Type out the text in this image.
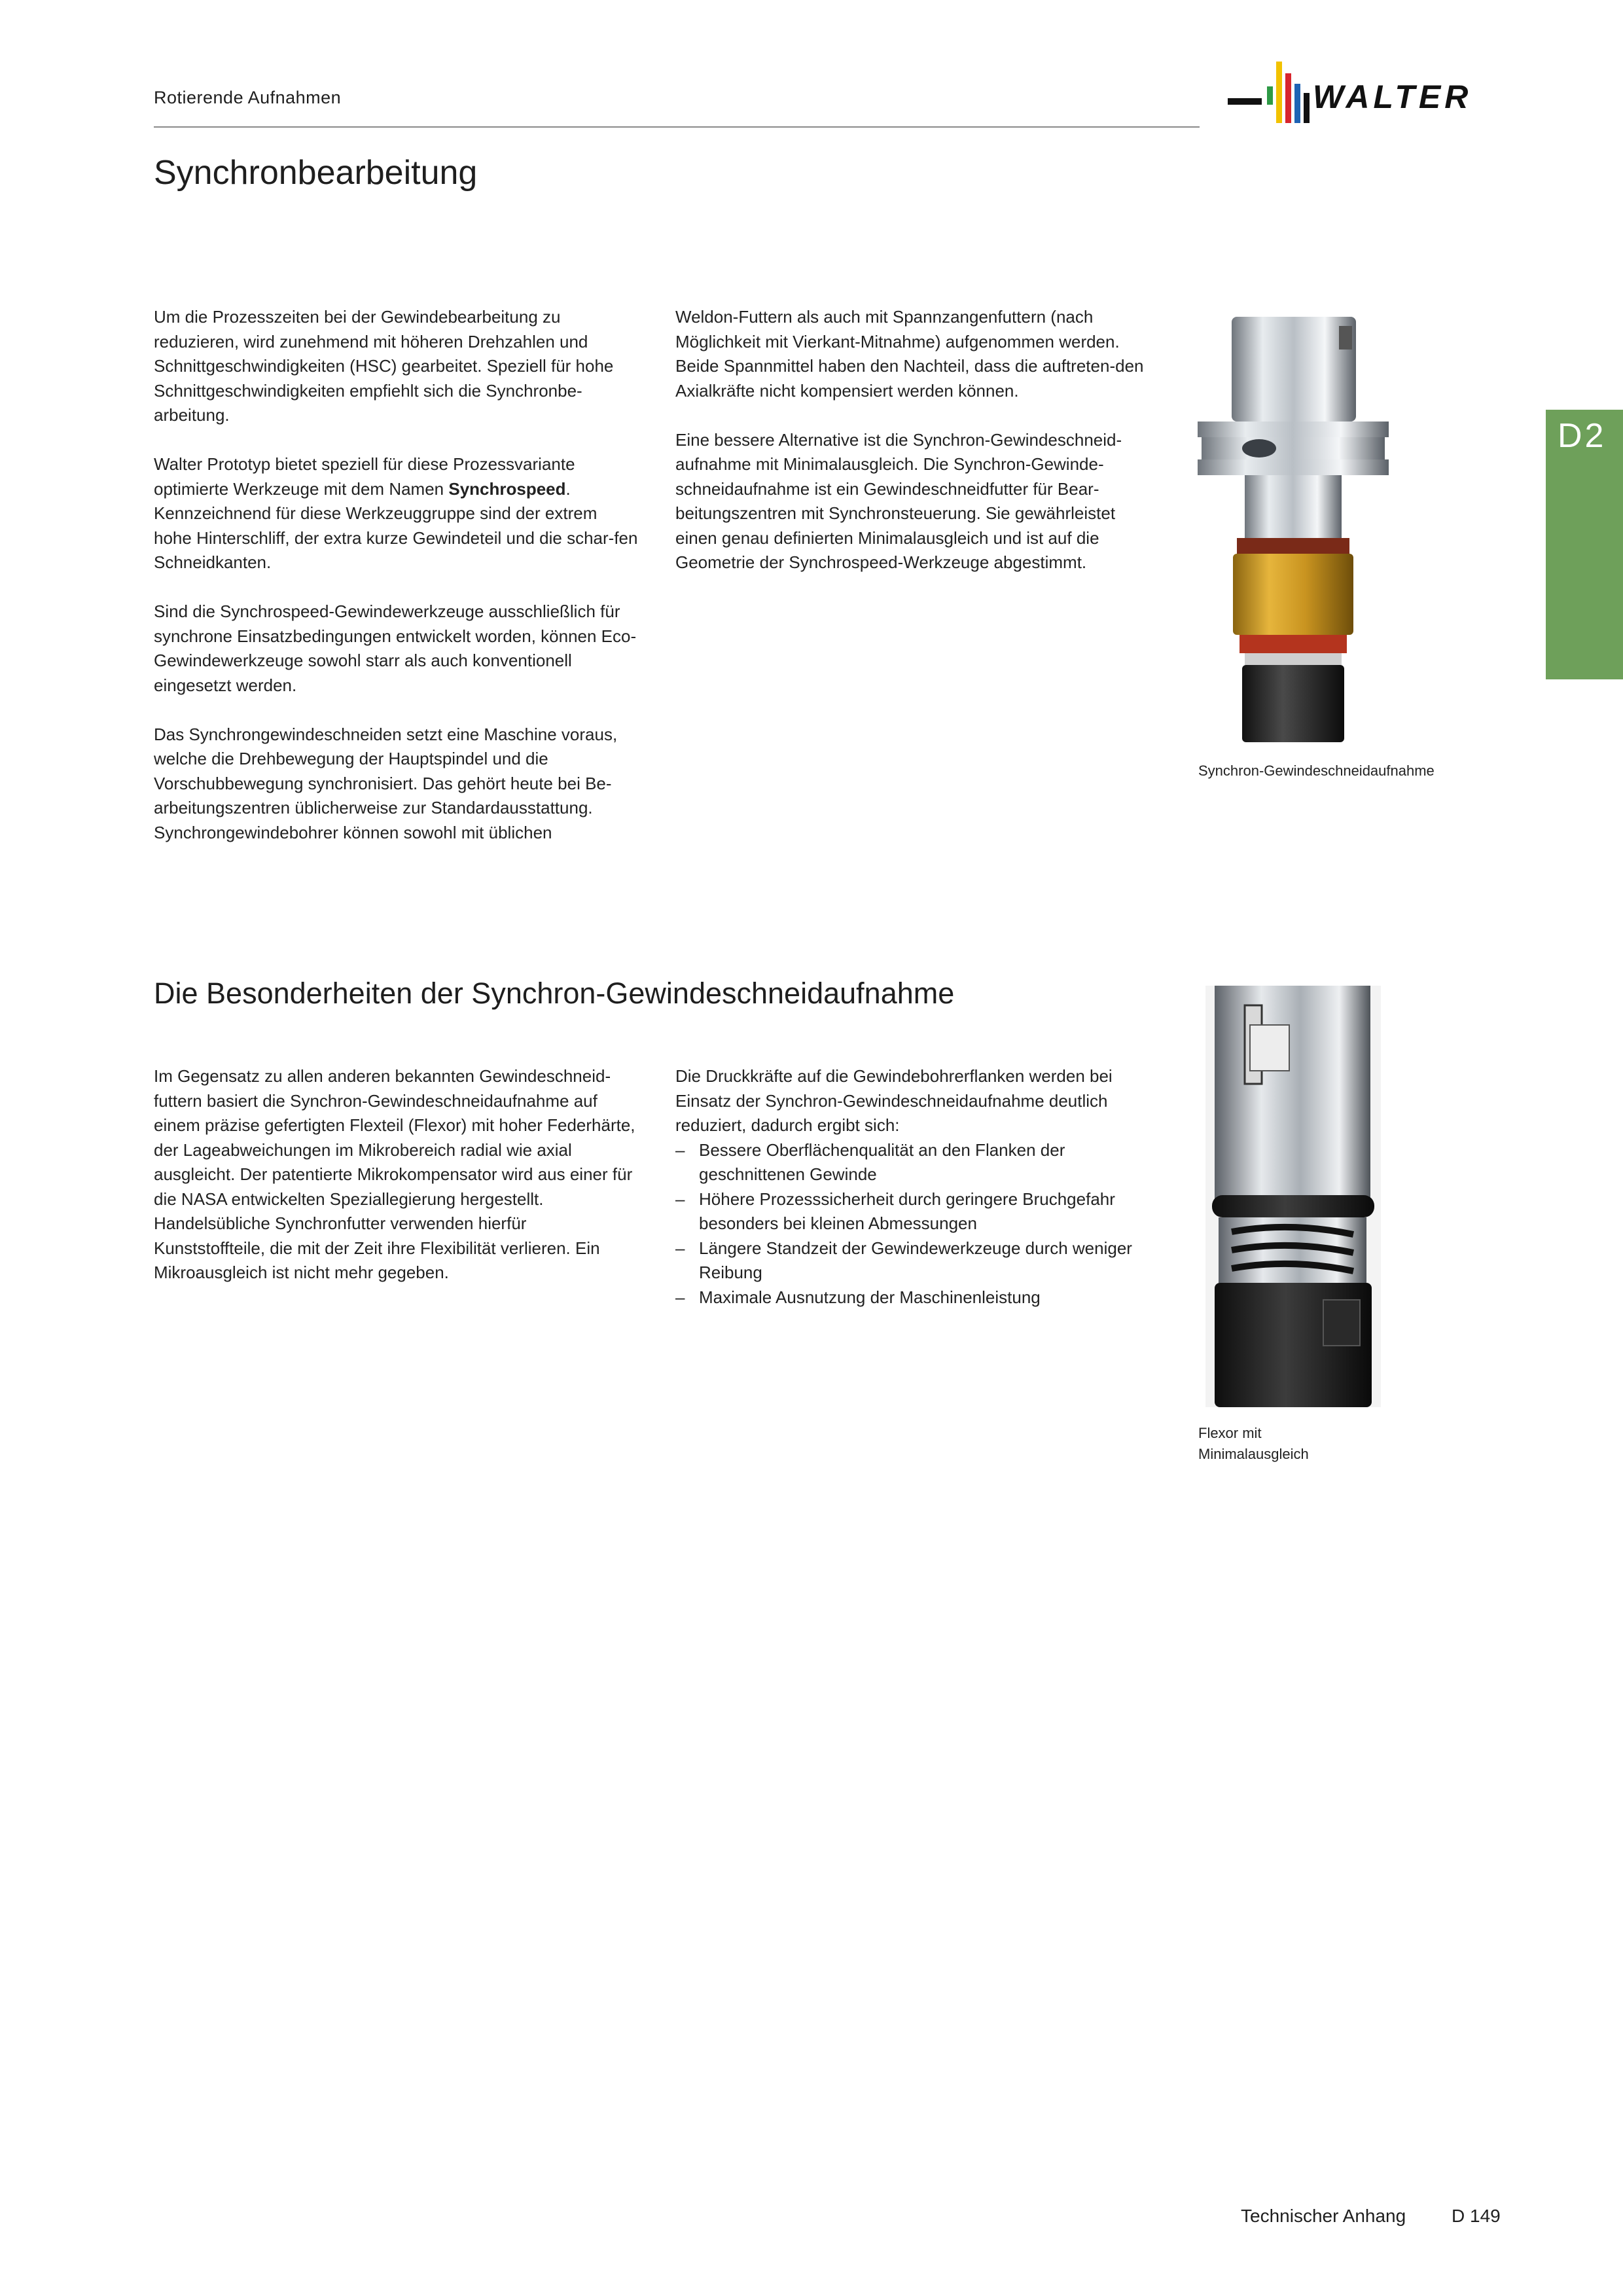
Rotierende Aufnahmen	WALTER
Synchronbearbeitung

Um die Prozesszeiten bei der Gewindebearbeitung zu reduzieren, wird zunehmend mit höheren Drehzahlen und Schnittgeschwindigkeiten (HSC) gearbeitet. Speziell für hohe Schnittgeschwindigkeiten empfiehlt sich die Synchronbe-arbeitung.

Walter Prototyp bietet speziell für diese Prozessvariante optimierte Werkzeuge mit dem Namen Synchrospeed. Kennzeichnend für diese Werkzeuggruppe sind der extrem hohe Hinterschliff, der extra kurze Gewindeteil und die schar-fen Schneidkanten.

Sind die Synchrospeed-Gewindewerkzeuge ausschließlich für synchrone Einsatzbedingungen entwickelt worden, können Eco-Gewindewerkzeuge sowohl starr als auch konventionell eingesetzt werden.

Das Synchrongewindeschneiden setzt eine Maschine voraus, welche die Drehbewegung der Hauptspindel und die Vorschubbewegung synchronisiert. Das gehört heute bei Be-arbeitungszentren üblicherweise zur Standardausstattung. Synchrongewindebohrer können sowohl mit üblichen

Weldon-Futtern als auch mit Spannzangenfuttern (nach Möglichkeit mit Vierkant-Mitnahme) aufgenommen werden. Beide Spannmittel haben den Nachteil, dass die auftreten-den Axialkräfte nicht kompensiert werden können.

Eine bessere Alternative ist die Synchron-Gewindeschneid-aufnahme mit Minimalausgleich. Die Synchron-Gewinde-schneidaufnahme ist ein Gewindeschneidfutter für Bear-beitungszentren mit Synchronsteuerung. Sie gewährleistet einen genau definierten Minimalausgleich und ist auf die Geometrie der Synchrospeed-Werkzeuge abgestimmt.

Synchron-Gewindeschneidaufnahme
D2
Die Besonderheiten der Synchron-Gewindeschneidaufnahme

Im Gegensatz zu allen anderen bekannten Gewindeschneid-futtern basiert die Synchron-Gewindeschneidaufnahme auf einem präzise gefertigten Flexteil (Flexor) mit hoher Federhärte, der Lageabweichungen im Mikrobereich radial wie axial ausgleicht. Der patentierte Mikrokompensator wird aus einer für die NASA entwickelten Speziallegierung hergestellt. Handelsübliche Synchronfutter verwenden hierfür Kunststoffteile, die mit der Zeit ihre Flexibilität verlieren. Ein Mikroausgleich ist nicht mehr gegeben.

Die Druckkräfte auf die Gewindebohrerflanken werden bei Einsatz der Synchron-Gewindeschneidaufnahme deutlich reduziert, dadurch ergibt sich:

– Bessere Oberflächenqualität an den Flanken der geschnittenen Gewinde
– Höhere Prozesssicherheit durch geringere Bruchgefahr besonders bei kleinen Abmessungen
– Längere Standzeit der Gewindewerkzeuge durch weniger Reibung
– Maximale Ausnutzung der Maschinenleistung
Flexor mit
Minimalausgleich
Technischer Anhang D 149
